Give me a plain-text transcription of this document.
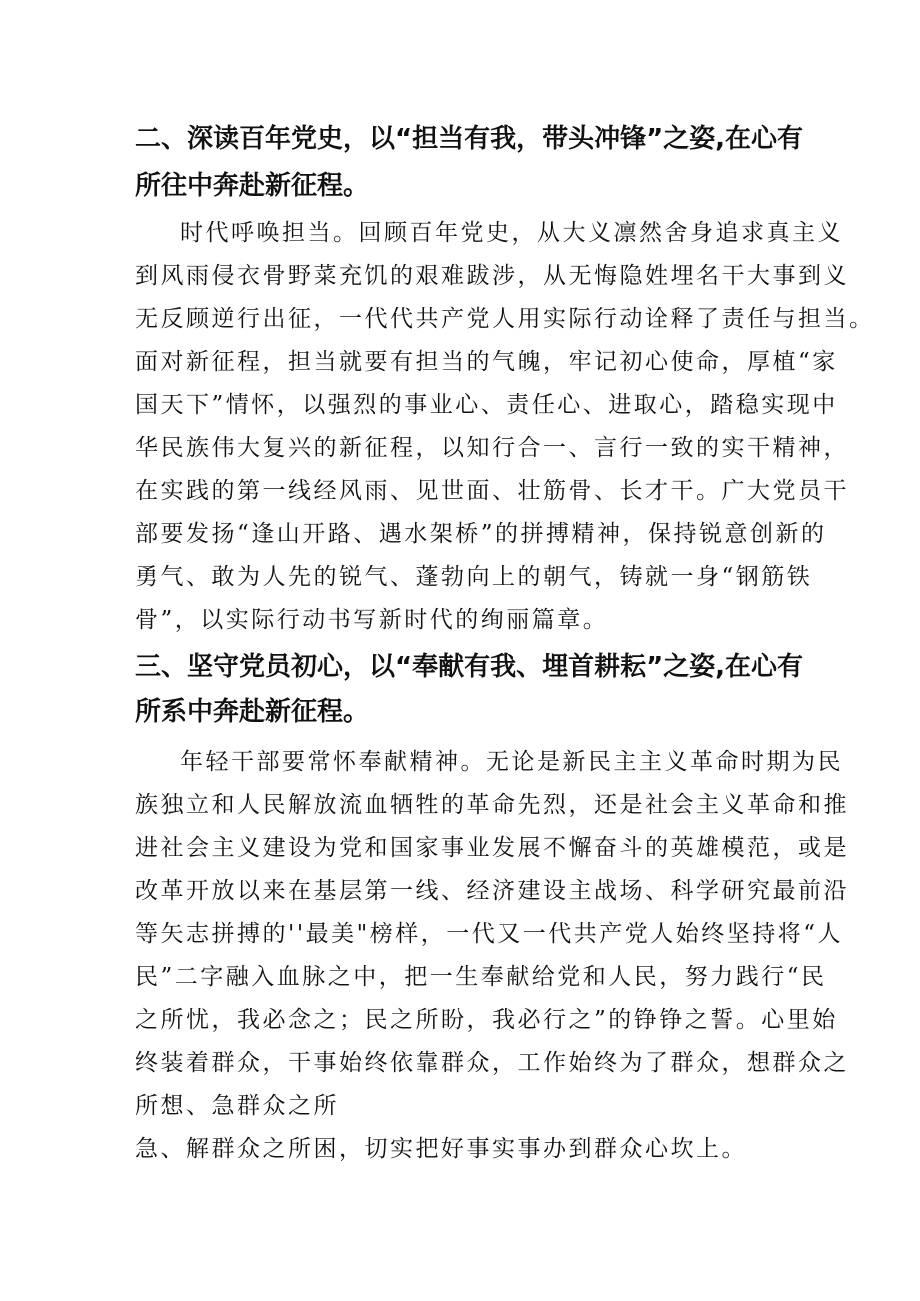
二、深读百年党史，以“担当有我，带头冲锋”之姿,在心有

所往中奔赴新征程。

时代呼唤担当。回顾百年党史，从大义凛然舍身追求真主义

到风雨侵衣骨野菜充饥的艰难跋涉，从无悔隐姓埋名干大事到义

无反顾逆行出征，一代代共产党人用实际行动诠释了责任与担当。

面对新征程，担当就要有担当的气魄，牢记初心使命，厚植“家

国天下”情怀，以强烈的事业心、责任心、进取心，踏稳实现中

华民族伟大复兴的新征程，以知行合一、言行一致的实干精神，

在实践的第一线经风雨、见世面、壮筋骨、长才干。广大党员干

部要发扬“逢山开路、遇水架桥”的拼搏精神，保持锐意创新的

勇气、敢为人先的锐气、蓬勃向上的朝气，铸就一身“钢筋铁

骨”，以实际行动书写新时代的绚丽篇章。

三、坚守党员初心，以“奉献有我、埋首耕耘”之姿,在心有

所系中奔赴新征程。

年轻干部要常怀奉献精神。无论是新民主主义革命时期为民

族独立和人民解放流血牺牲的革命先烈，还是社会主义革命和推

进社会主义建设为党和国家事业发展不懈奋斗的英雄模范，或是

改革开放以来在基层第一线、经济建设主战场、科学研究最前沿

等矢志拼搏的''最美"榜样，一代又一代共产党人始终坚持将“人

民”二字融入血脉之中，把一生奉献给党和人民，努力践行“民

之所忧，我必念之；民之所盼，我必行之”的铮铮之誓。心里始

终装着群众，干事始终依靠群众，工作始终为了群众，想群众之

所想、急群众之所

急、解群众之所困，切实把好事实事办到群众心坎上。
